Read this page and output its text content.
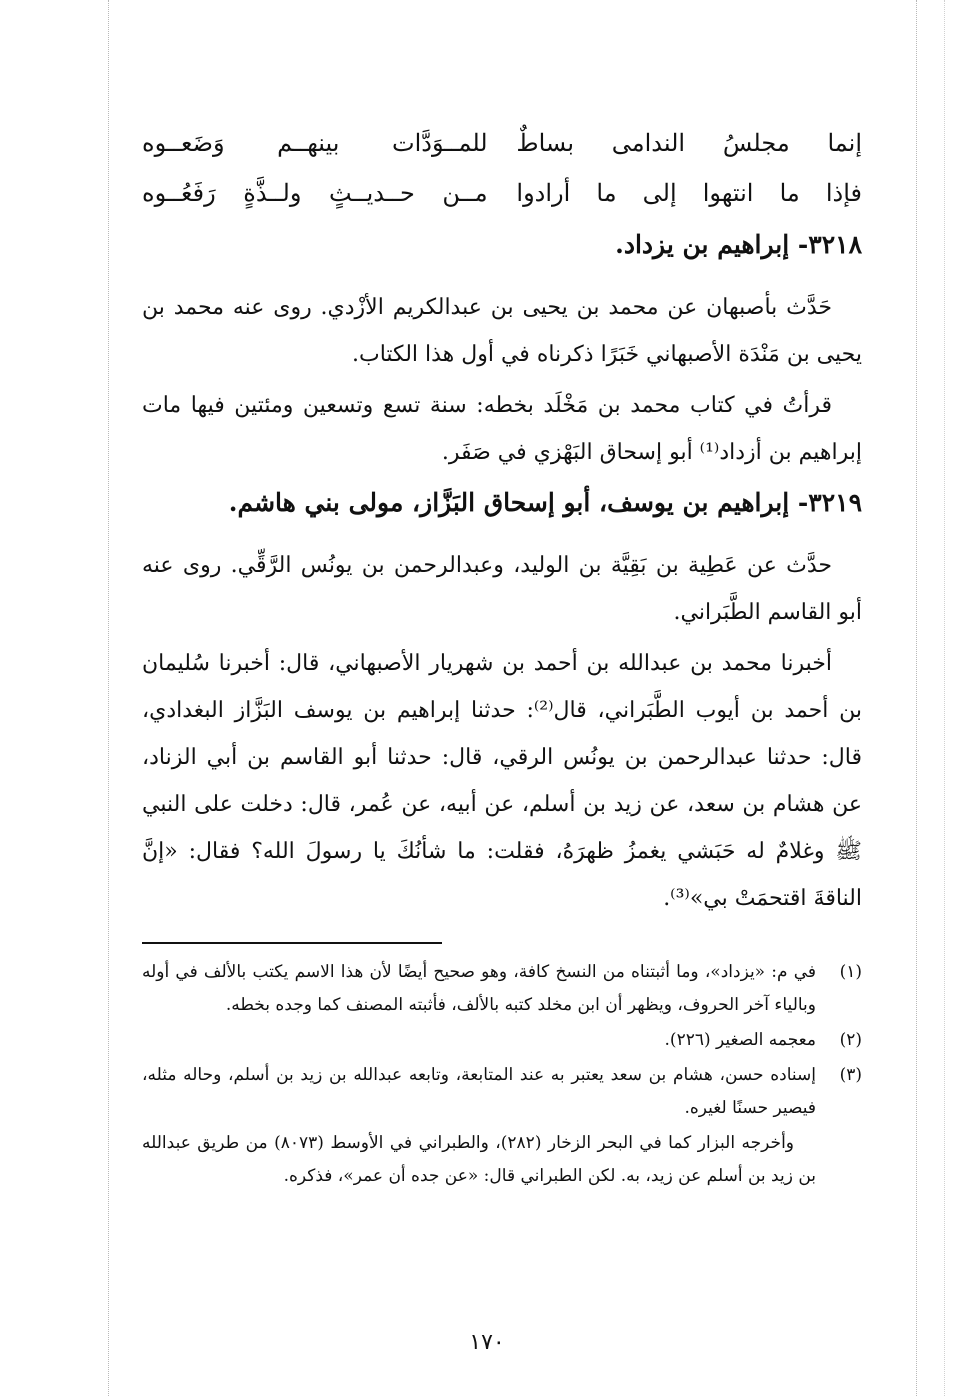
إنما مجلسُ الندامى بساطٌ
للمــوَدَّات بينهــم وَضَعــوه
فإذا ما انتهوا إلى ما أرادوا
مــن حــديــثٍ ولــذَّةٍ رَفَعُــوه
٣٢١٨- إبراهيم بن يزداد.

حَدَّث بأصبهان عن محمد بن يحيى بن عبدالكريم الأزْدي. روى عنه محمد بن يحيى بن مَنْدَة الأصبهاني خَبَرًا ذكرناه في أول هذا الكتاب.

قرأتُ في كتاب محمد بن مَخْلَد بخطه: سنة تسع وتسعين ومئتين فيها مات إبراهيم بن أزداد⁽¹⁾ أبو إسحاق البَهْزي في صَفَر.

٣٢١٩- إبراهيم بن يوسف، أبو إسحاق البَزَّاز، مولى بني هاشم.

حدَّث عن عَطِية بن بَقِيَّة بن الوليد، وعبدالرحمن بن يونُس الرَّقِّي. روى عنه أبو القاسم الطَّبَراني.

أخبرنا محمد بن عبدالله بن أحمد بن شهريار الأصبهاني، قال: أخبرنا سُليمان بن أحمد بن أيوب الطَّبَراني، قال⁽²⁾: حدثنا إبراهيم بن يوسف البَزَّاز البغدادي، قال: حدثنا عبدالرحمن بن يونُس الرقي، قال: حدثنا أبو القاسم بن أبي الزناد، عن هشام بن سعد، عن زيد بن أسلم، عن أبيه، عن عُمر، قال: دخلت على النبي ﷺ وغلامٌ له حَبَشي يغمزُ ظهرَهُ، فقلت: ما شأنُكَ يا رسولَ الله؟ فقال: «إنَّ الناقةَ اقتحمَتْ بي»⁽³⁾.

(١)
في م: «يزداد»، وما أثبتناه من النسخ كافة، وهو صحيح أيضًا لأن هذا الاسم يكتب بالألف في أوله وبالياء آخر الحروف، ويظهر أن ابن مخلد كتبه بالألف، فأثبته المصنف كما وجده بخطه.
(٢)
معجمه الصغير (٢٢٦).
(٣)
إسناده حسن، هشام بن سعد يعتبر به عند المتابعة، وتابعه عبدالله بن زيد بن أسلم، وحاله مثله، فيصير حسنًا لغيره.
وأخرجه البزار كما في البحر الزخار (٢٨٢)، والطبراني في الأوسط (٨٠٧٣) من طريق عبدالله بن زيد بن أسلم عن زيد، به. لكن الطبراني قال: «عن جده أن عمر»، فذكره.
١٧٠
